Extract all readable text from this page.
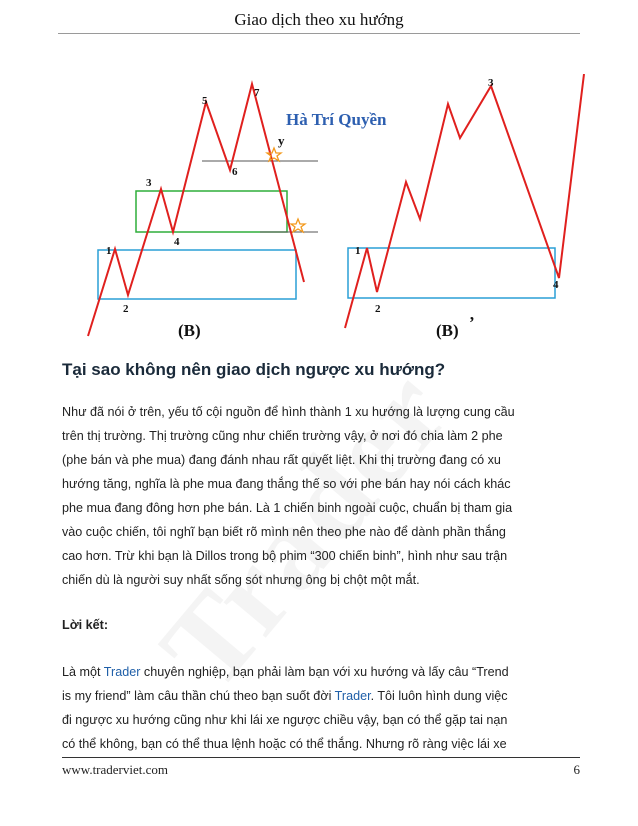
Giao dịch theo xu hướng
1
2
3
4
5
6
7
y
(B)
Hà Trí Quyền
1
2
3
4
(B) ’
Tại sao không nên giao dịch ngược xu hướng?

Như đã nói ở trên, yếu tố cội nguồn để hình thành 1 xu hướng là lượng cung cầu

trên thị trường. Thị trường cũng như chiến trường vậy, ở nơi đó chia làm 2 phe

(phe bán và phe mua) đang đánh nhau rất quyết liệt. Khi thị trường đang có xu

hướng tăng, nghĩa là phe mua đang thắng thế so với phe bán hay nói cách khác

phe mua đang đông hơn phe bán. Là 1 chiến binh ngoài cuộc, chuẩn bị tham gia

vào cuộc chiến, tôi nghĩ bạn biết rõ mình nên theo phe nào để dành phần thắng

cao hơn. Trừ khi bạn là Dillos trong bộ phim “300 chiến binh”, hình như sau trận

chiến dù là người suy nhất sống sót nhưng ông bị chột một mắt.

Lời kết:

Là một Trader chuyên nghiệp, bạn phải làm bạn với xu hướng và lấy câu “Trend

is my friend” làm câu thần chú theo bạn suốt đời Trader. Tôi luôn hình dung việc

đi ngược xu hướng cũng như khi lái xe ngược chiều vậy, bạn có thể gặp tai nạn

có thể không, bạn có thể thua lệnh hoặc có thể thắng. Nhưng rõ ràng việc lái xe

www.traderviet.com	6
